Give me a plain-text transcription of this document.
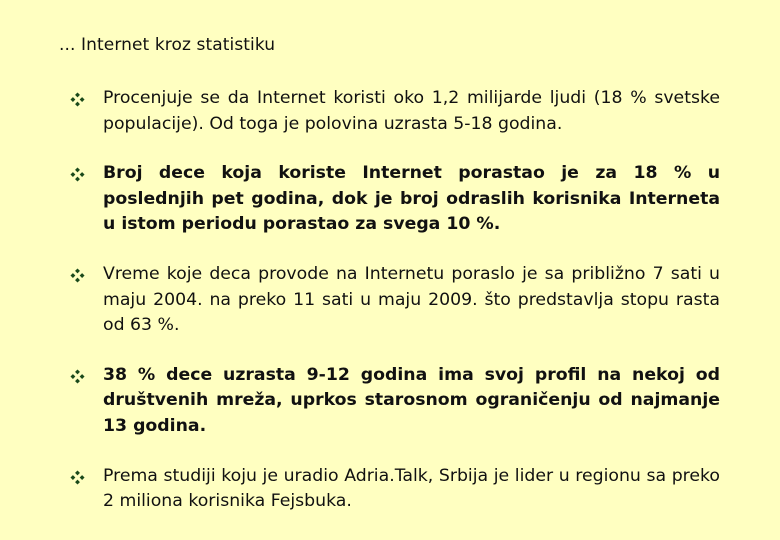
... Internet kroz statistiku
Procenjuje se da Internet koristi oko 1,2 milijarde ljudi (18 % svetske populacije). Od toga je polovina uzrasta 5-18 godina.
Broj dece koja koriste Internet porastao je za 18 % u poslednjih pet godina, dok je broj odraslih korisnika Interneta u istom periodu porastao za svega 10 %.
Vreme koje deca provode na Internetu poraslo je sa približno 7 sati u maju 2004. na preko 11 sati u maju 2009. što predstavlja stopu rasta od 63 %.
38 % dece uzrasta 9-12 godina ima svoj profil na nekoj od društvenih mreža, uprkos starosnom ograničenju od najmanje 13 godina.
Prema studiji koju je uradio Adria.Talk, Srbija je lider u regionu sa preko 2 miliona korisnika Fejsbuka.
